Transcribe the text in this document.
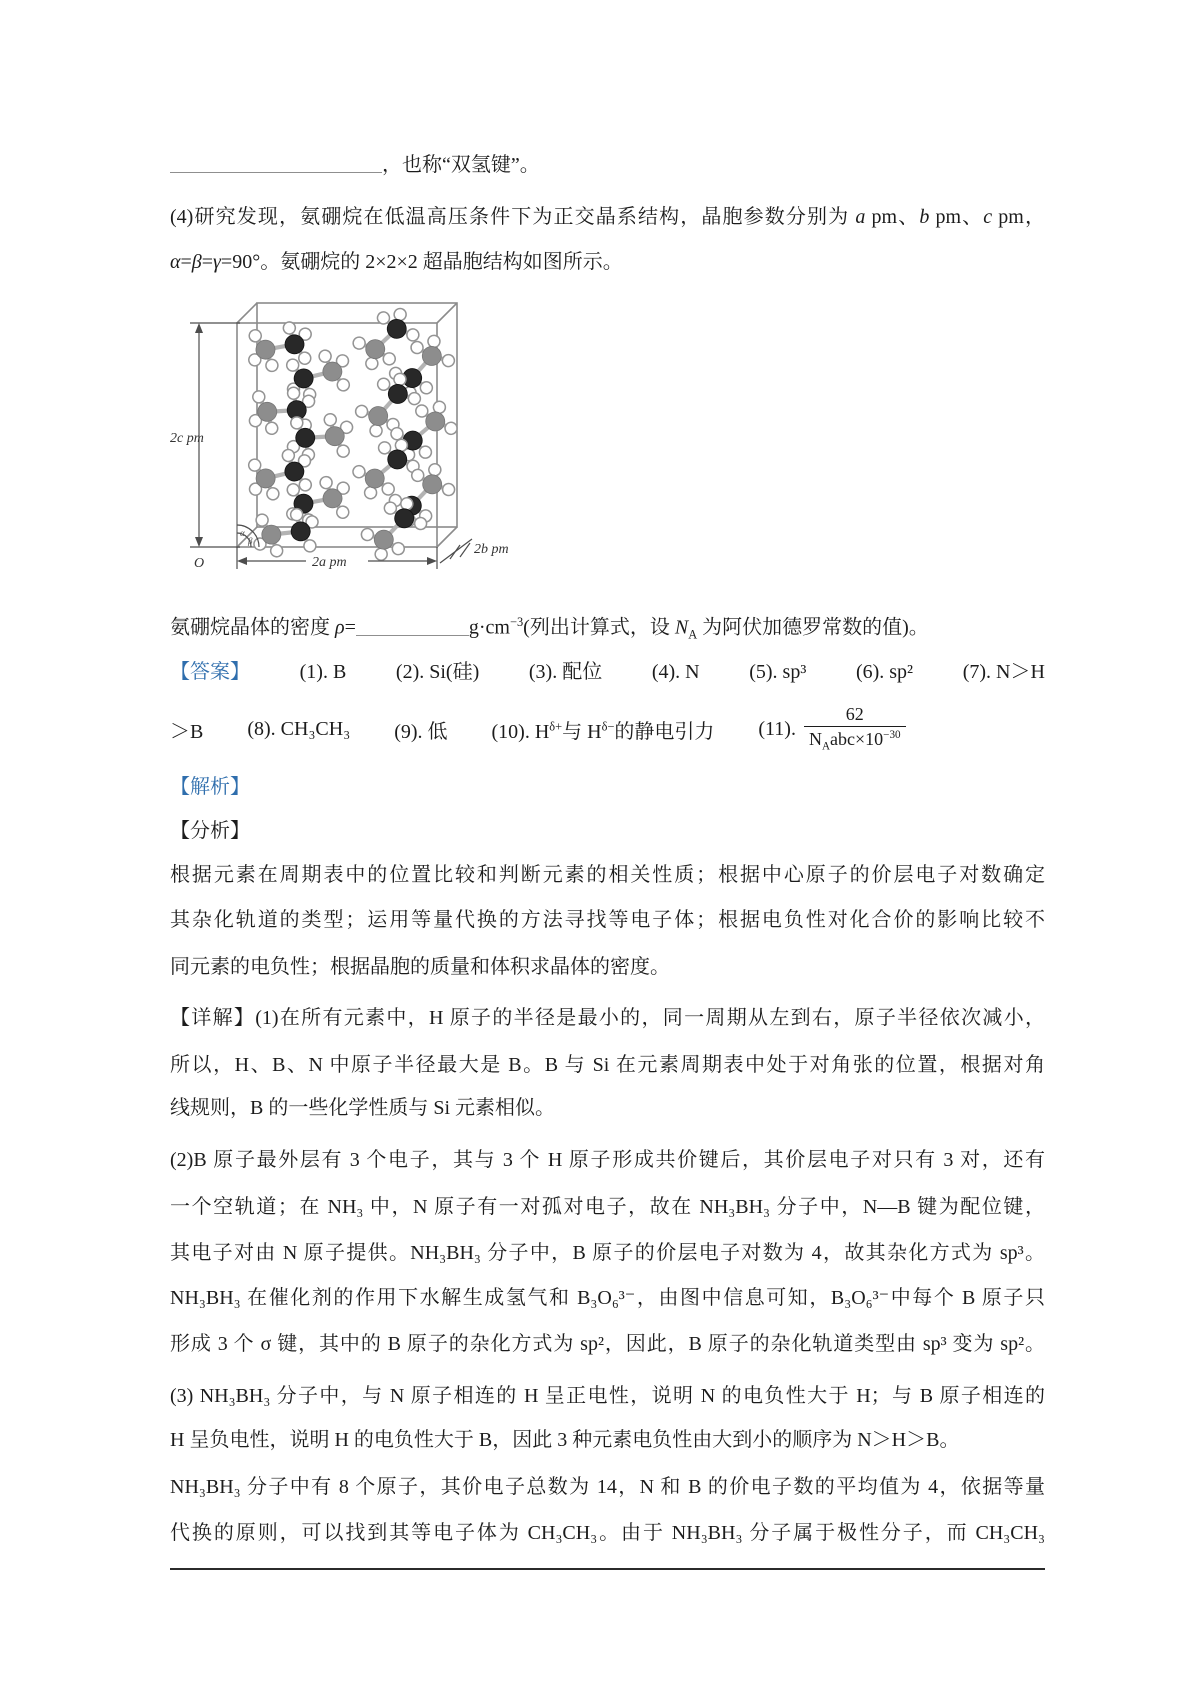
，也称“双氢键”。
(4)研究发现，氨硼烷在低温高压条件下为正交晶系结构，晶胞参数分别为 a pm、b pm、c pm，
α=β=γ=90°。氨硼烷的 2×2×2 超晶胞结构如图所示。
2c pm
2a pm
2b pm
α
β
O
氨硼烷晶体的密度 ρ=	$g\cdot cm^{-3}$(列出计算式，设 $N_A$ 为阿伏加德罗常数的值)。
【答案】 (1). B (2). Si(硅) (3). 配位 (4). N (5). sp³ (6). sp² (7). N＞H
＞B (8). CH₃CH₃ (9). 低 (10). $H^{\delta+}$与 $H^{\delta-}$的静电引力 (11). $\frac{62}{N_Aabc\times 10^{-30}}$
【解析】
【分析】
根据元素在周期表中的位置比较和判断元素的相关性质；根据中心原子的价层电子对数确定
其杂化轨道的类型；运用等量代换的方法寻找等电子体；根据电负性对化合价的影响比较不
同元素的电负性；根据晶胞的质量和体积求晶体的密度。
【详解】(1)在所有元素中，H 原子的半径是最小的，同一周期从左到右，原子半径依次减小，
所以，H、B、N 中原子半径最大是 B。B 与 Si 在元素周期表中处于对角张的位置，根据对角
线规则，B 的一些化学性质与 Si 元素相似。
(2)B 原子最外层有 3 个电子，其与 3 个 H 原子形成共价键后，其价层电子对只有 3 对，还有
一个空轨道；在 NH₃ 中，N 原子有一对孤对电子，故在 NH₃BH₃ 分子中，N—B 键为配位键，
其电子对由 N 原子提供。NH₃BH₃ 分子中，B 原子的价层电子对数为 4，故其杂化方式为 sp³。
NH₃BH₃ 在催化剂的作用下水解生成氢气和 B₃O₆³⁻，由图中信息可知，B₃O₆³⁻中每个 B 原子只
形成 3 个 σ 键，其中的 B 原子的杂化方式为 sp²，因此，B 原子的杂化轨道类型由 sp³ 变为 sp²。
(3) NH₃BH₃ 分子中，与 N 原子相连的 H 呈正电性，说明 N 的电负性大于 H；与 B 原子相连的
H 呈负电性，说明 H 的电负性大于 B，因此 3 种元素电负性由大到小的顺序为 N＞H＞B。
NH₃BH₃ 分子中有 8 个原子，其价电子总数为 14，N 和 B 的价电子数的平均值为 4，依据等量
代换的原则，可以找到其等电子体为 CH₃CH₃。由于 NH₃BH₃ 分子属于极性分子，而 CH₃CH₃
